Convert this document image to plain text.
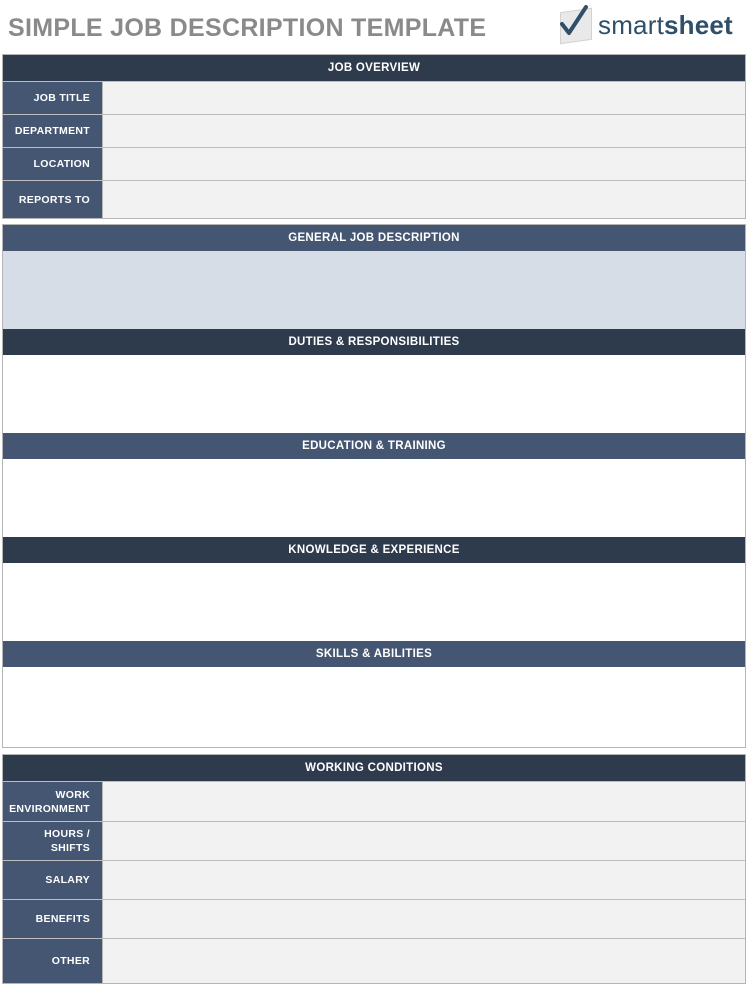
SIMPLE JOB DESCRIPTION TEMPLATE	smartsheet
JOB OVERVIEW
JOB TITLE
DEPARTMENT
LOCATION
REPORTS TO
GENERAL JOB DESCRIPTION
DUTIES & RESPONSIBILITIES
EDUCATION & TRAINING
KNOWLEDGE & EXPERIENCE
SKILLS & ABILITIES
WORKING CONDITIONS
WORK
ENVIRONMENT
HOURS / SHIFTS
SALARY
BENEFITS
OTHER
